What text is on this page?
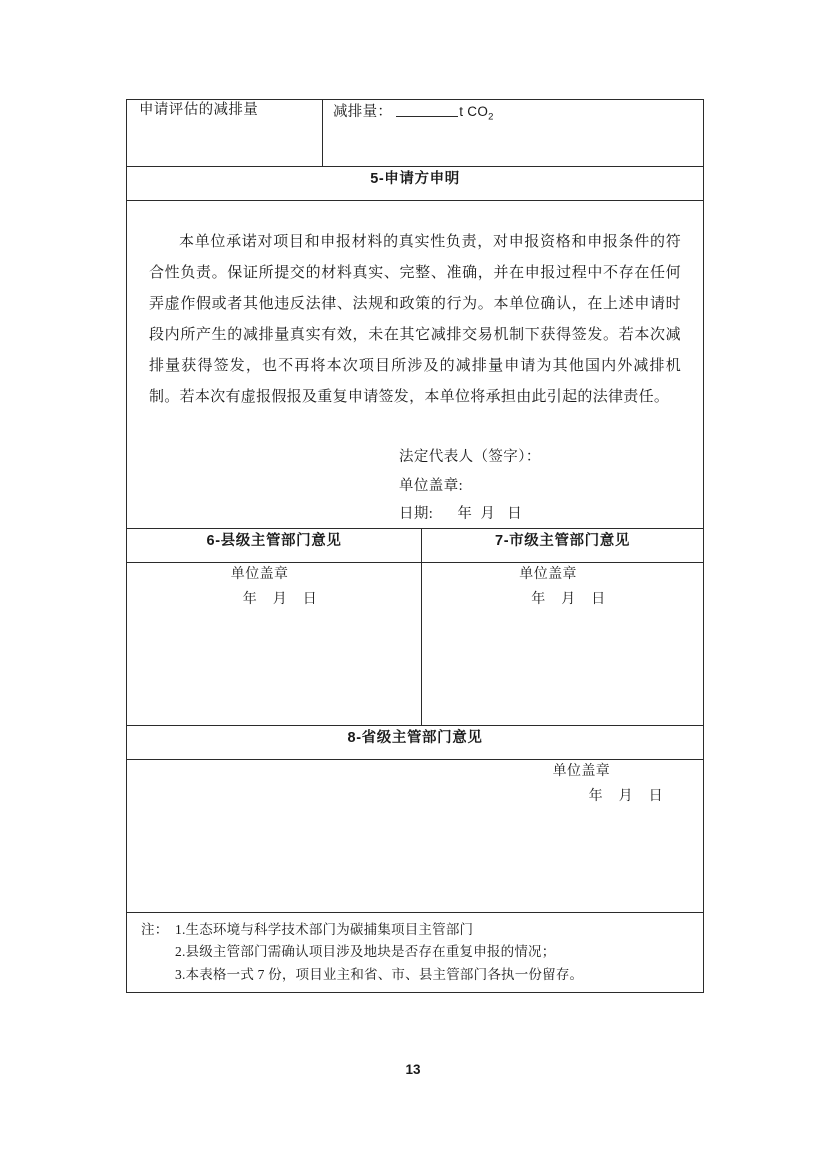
申请评估的减排量	减排量： t $CO_2$

5-申请方申明		

本单位承诺对项目和申报材料的真实性负责，对申报资格和申报条件的符合性负责。保证所提交的材料真实、完整、准确，并在申报过程中不存在任何弄虚作假或者其他违反法律、法规和政策的行为。本单位确认，在上述申请时段内所产生的减排量真实有效，未在其它减排交易机制下获得签发。若本次减排量获得签发，也不再将本次项目所涉及的减排量申请为其他国内外减排机制。若本次有虚报假报及重复申请签发，本单位将承担由此引起的法律责任。

法定代表人（签字）：
单位盖章:
日期:      年  月   日		

6-县级主管部门意见		7-市级主管部门意见

单位盖章
年    月    日

单位盖章
年    月    日

8-省级主管部门意见		

单位盖章
年    月    日		

注： 1.生态环境与科学技术部门为碳捕集项目主管部门
2.县级主管部门需确认项目涉及地块是否存在重复申报的情况；
3.本表格一式 7 份，项目业主和省、市、县主管部门各执一份留存。		
13
